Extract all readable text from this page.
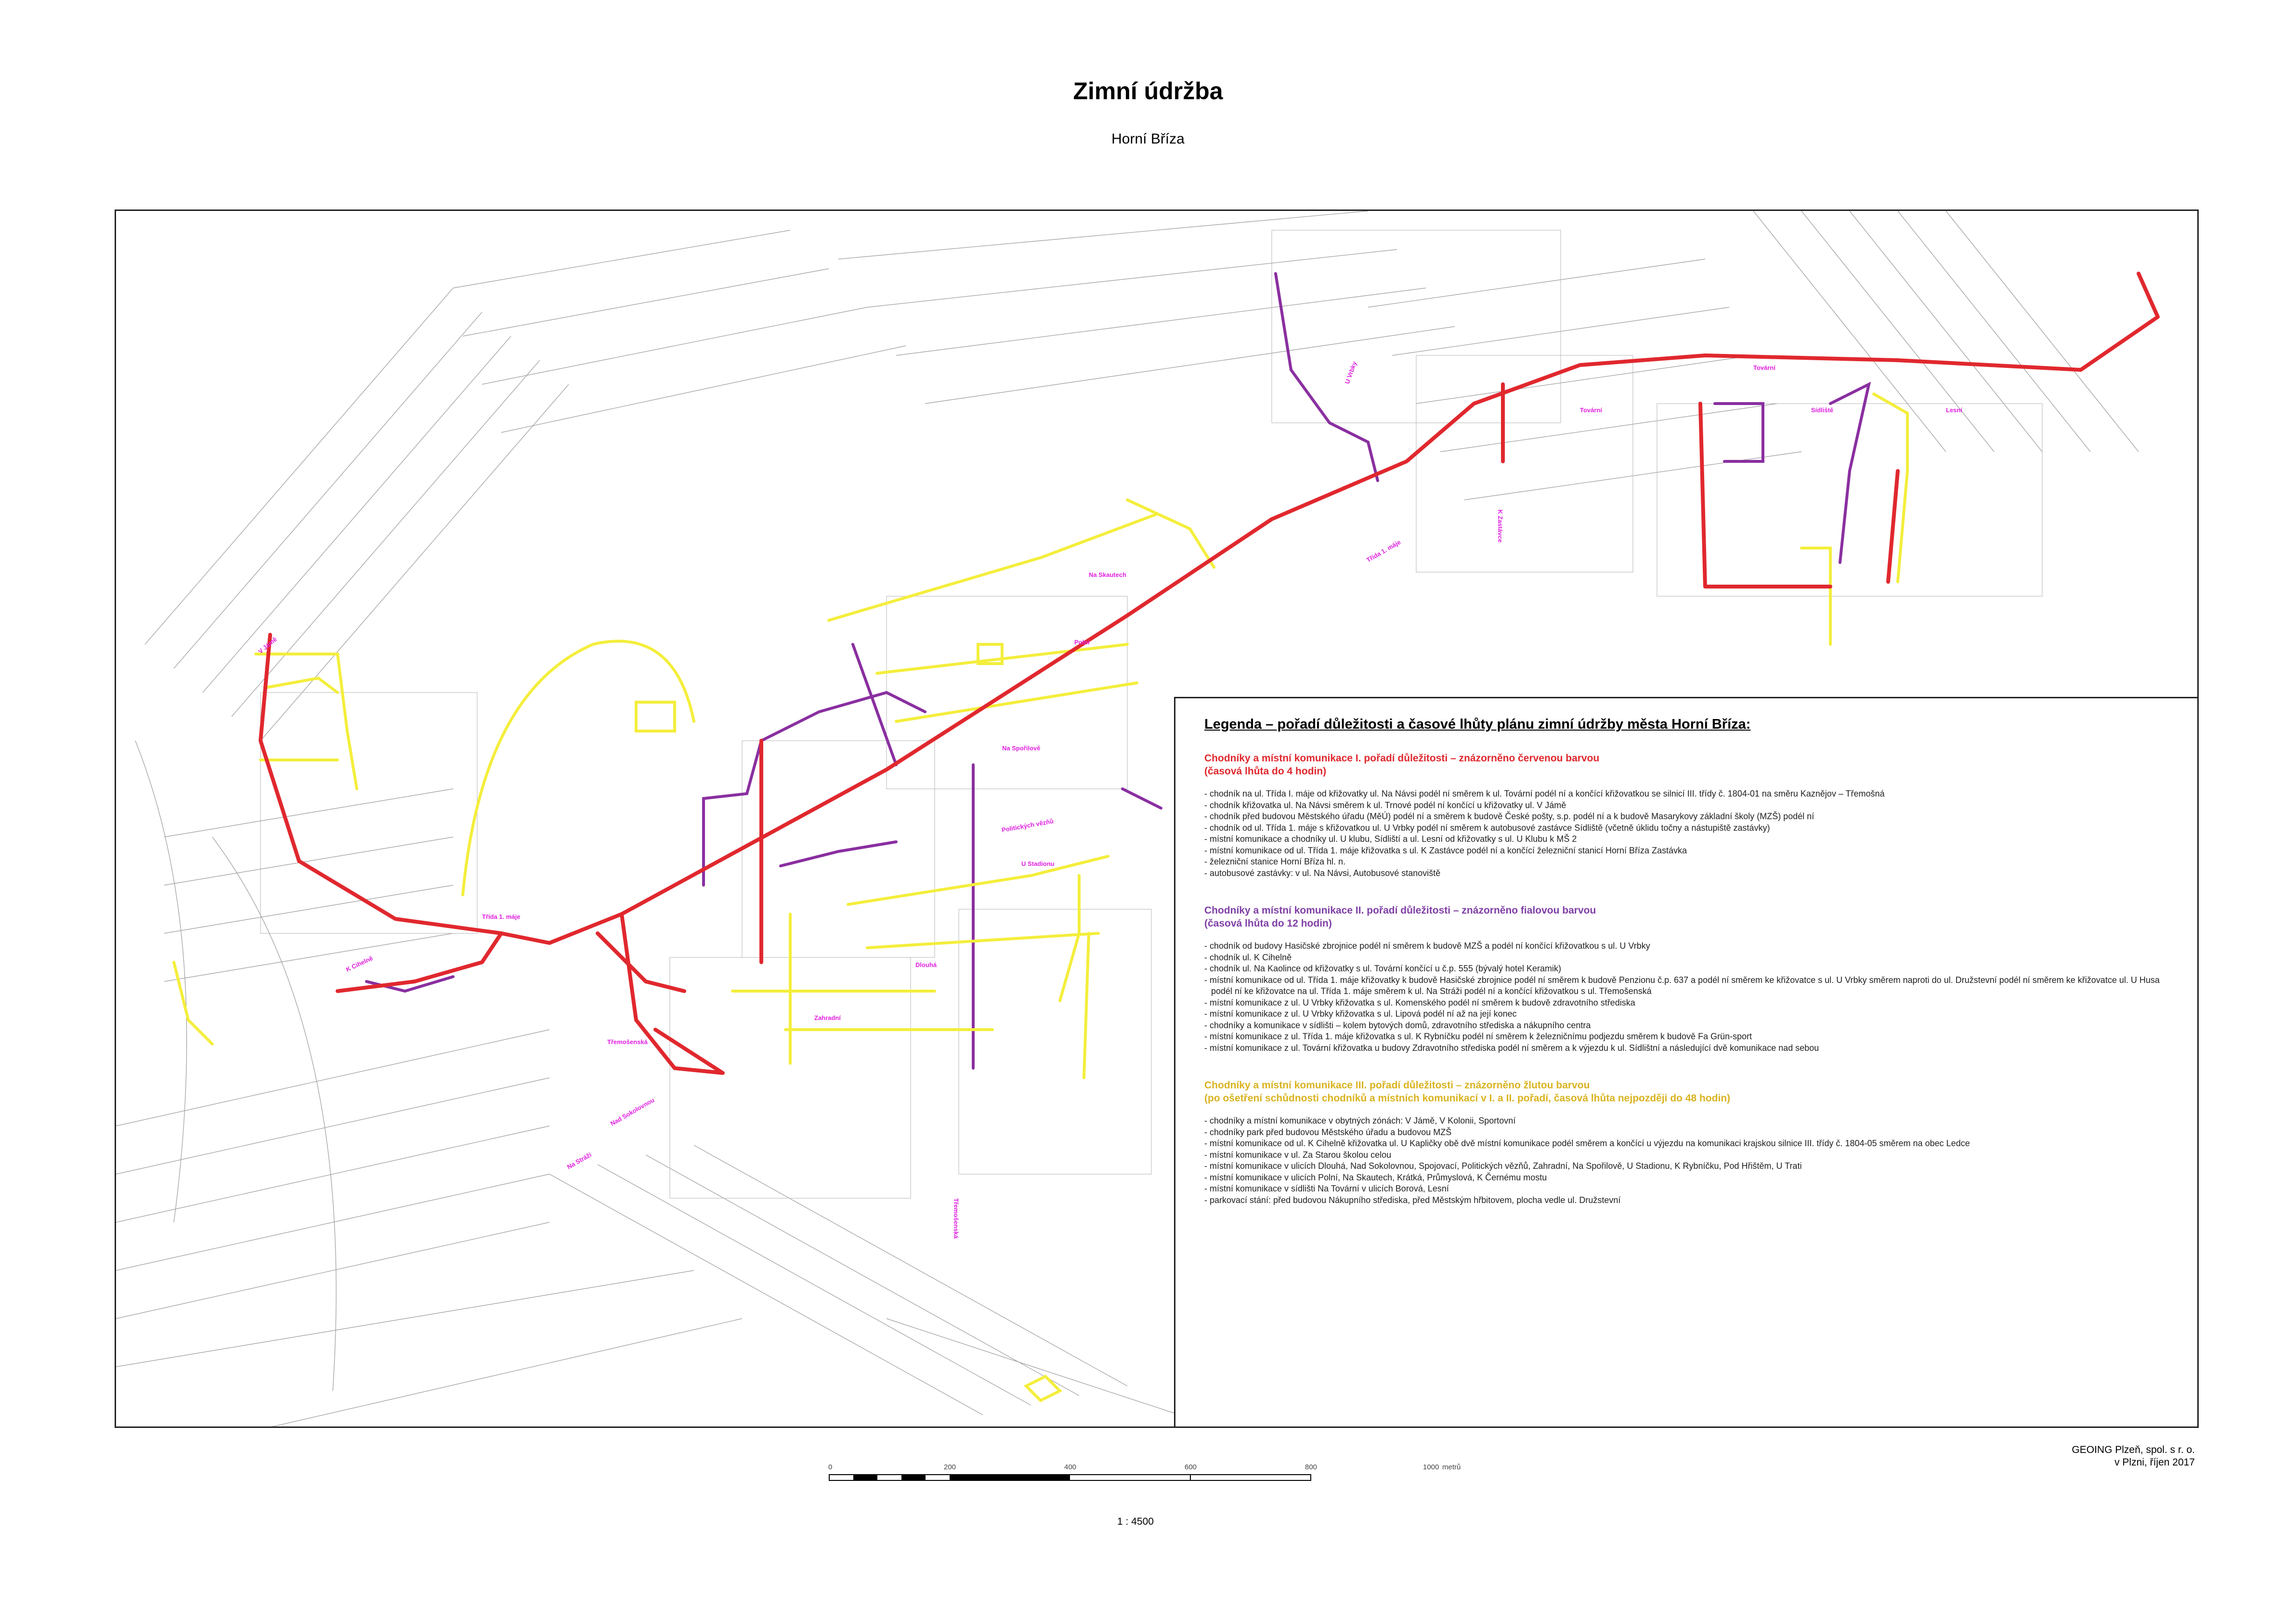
Zimní údržba
Horní Bříza
U Vrbky
K Zastávce
Tovární	Sídliště
Tovární
Lesní
Na Skautech
Polní
Na Spořilově
U Stadionu
Dlouhá
Zahradní
Třemošenská
Nad Sokolovnou
Na Stráži
K Cihelně
V Jámě
Třída 1. máje
Třemošenská
Třída 1. máje
Politických vězňů
Legenda – pořadí důležitosti a časové lhůty plánu zimní údržby města Horní Bříza:

Chodníky a místní komunikace I. pořadí důležitosti – znázorněno červenou barvou

(časová lhůta do 4 hodin)

- chodník na ul. Třída I. máje od křižovatky ul. Na Návsi podél ní směrem k ul. Tovární podél ní a končící křižovatkou se silnicí III. třídy č. 1804-01 na směru Kaznějov – Třemošná
- chodník křižovatka ul. Na Návsi směrem k ul. Trnové podél ní končící u křižovatky ul. V Jámě
- chodník před budovou Městského úřadu (MěÚ) podél ní a směrem k budově České pošty, s.p. podél ní a k budově Masarykovy základní školy (MZŠ) podél ní
- chodník od ul. Třída 1. máje s křižovatkou ul. U Vrbky podél ní směrem k autobusové zastávce Sídliště (včetně úklidu točny a nástupiště zastávky)
- místní komunikace a chodníky ul. U klubu, Sídliští a ul. Lesní od křižovatky s ul. U Klubu k MŠ 2
- místní komunikace od ul. Třída 1. máje křižovatka s ul. K Zastávce podél ní a končící železniční stanicí Horní Bříza Zastávka
- železniční stanice Horní Bříza hl. n.
- autobusové zastávky: v ul. Na Návsi, Autobusové stanoviště

Chodníky a místní komunikace II. pořadí důležitosti – znázorněno fialovou barvou

(časová lhůta do 12 hodin)

- chodník od budovy Hasičské zbrojnice podél ní směrem k budově MZŠ a podél ní končící křižovatkou s ul. U Vrbky
- chodník ul. K Cihelně
- chodník ul. Na Kaolince od křižovatky s ul. Tovární končící u č.p. 555 (bývalý hotel Keramik)
- místní komunikace od ul. Třída 1. máje křižovatky k budově Hasičské zbrojnice podél ní směrem k budově Penzionu č.p. 637 a podél ní směrem ke křižovatce s ul. U Vrbky směrem naproti do ul. Družstevní podél ní směrem ke křižovatce ul. U Husa podél ní ke křižovatce na ul. Třída 1. máje směrem k ul. Na Stráži podél ní a končící křižovatkou s ul. Třemošenská
- místní komunikace z ul. U Vrbky křižovatka s ul. Komenského podél ní směrem k budově zdravotního střediska
- místní komunikace z ul. U Vrbky křižovatka s ul. Lipová podél ní až na její konec
- chodníky a komunikace v sídlišti – kolem bytových domů, zdravotního střediska a nákupního centra
- místní komunikace z ul. Třída 1. máje křižovatka s ul. K Rybníčku podél ní směrem k železničnímu podjezdu směrem k budově Fa Grün-sport
- místní komunikace z ul. Tovární křižovatka u budovy Zdravotního střediska podél ní směrem a k výjezdu k ul. Sídlištní a následující dvě komunikace nad sebou

Chodníky a místní komunikace III. pořadí důležitosti – znázorněno žlutou barvou

(po ošetření schůdnosti chodníků a místních komunikací v I. a II. pořadí, časová lhůta nejpozději do 48 hodin)

- chodníky a místní komunikace v obytných zónách: V Jámě, V Kolonii, Sportovní
- chodníky park před budovou Městského úřadu a budovou MZŠ
- místní komunikace od ul. K Cihelně křižovatka ul. U Kapličky obě dvě místní komunikace podél směrem a končící u výjezdu na komunikaci krajskou silnice III. třídy č. 1804-05 směrem na obec Ledce
- místní komunikace v ul. Za Starou školou celou
- místní komunikace v ulicích Dlouhá, Nad Sokolovnou, Spojovací, Politických vězňů, Zahradní, Na Spořilově, U Stadionu, K Rybníčku, Pod Hřištěm, U Trati
- místní komunikace v ulicích Polní, Na Skautech, Krátká, Průmyslová, K Černému mostu
- místní komunikace v sídlišti Na Tovární v ulicích Borová, Lesní
- parkovací stání: před budovou Nákupního střediska, před Městským hřbitovem, plocha vedle ul. Družstevní
0	200	400	600	800	1000 metrů
1 : 4500
GEOING Plzeň, spol. s r. o.
v Plzni, říjen 2017
